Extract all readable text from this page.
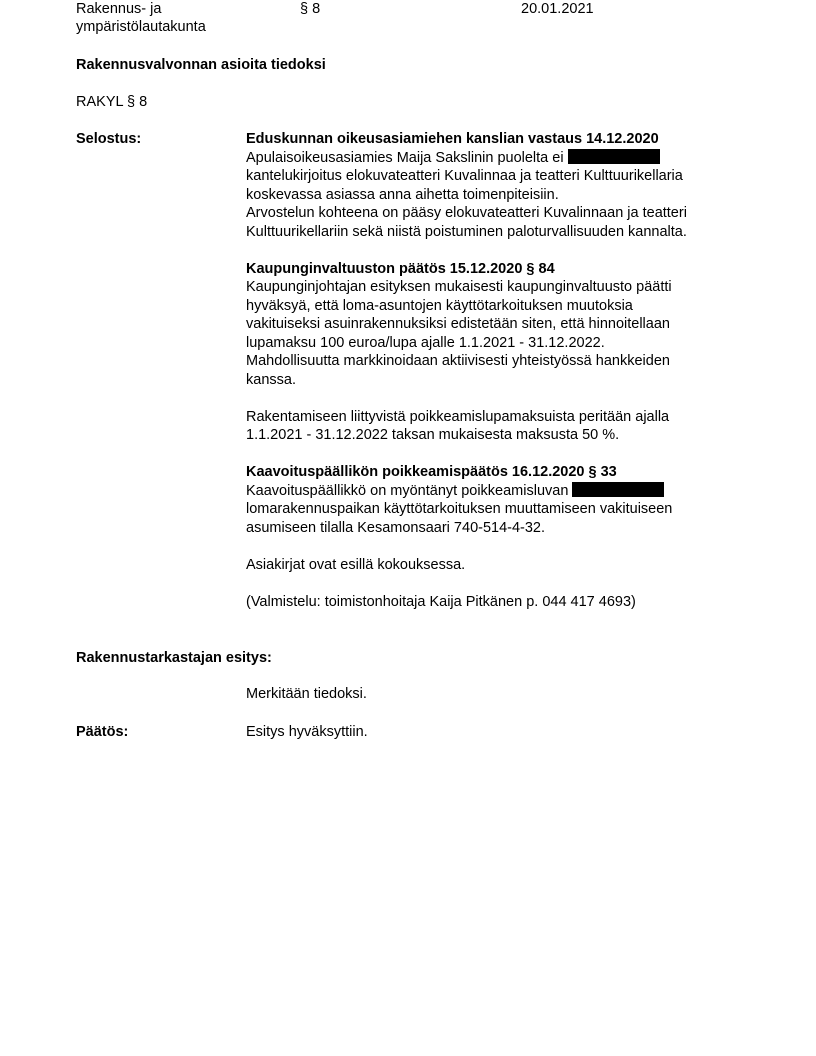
Rakennus- ja
ympäristölautakunta
§ 8	20.01.2021
Rakennusvalvonnan asioita tiedoksi
RAKYL § 8
Selostus:	Eduskunnan oikeusasiamiehen kanslian vastaus 14.12.2020
Apulaisoikeusasiamies Maija Sakslinin puolelta ei
kantelukirjoitus elokuvateatteri Kuvalinnaa ja teatteri Kulttuurikellaria
koskevassa asiassa anna aihetta toimenpiteisiin.
Arvostelun kohteena on pääsy elokuvateatteri Kuvalinnaan ja teatteri
Kulttuurikellariin sekä niistä poistuminen paloturvallisuuden kannalta.
Kaupunginvaltuuston päätös 15.12.2020 § 84
Kaupunginjohtajan esityksen mukaisesti kaupunginvaltuusto päätti
hyväksyä, että loma-asuntojen käyttötarkoituksen muutoksia
vakituiseksi asuinrakennuksiksi edistetään siten, että hinnoitellaan
lupamaksu 100 euroa/lupa ajalle 1.1.2021 - 31.12.2022.
Mahdollisuutta markkinoidaan aktiivisesti yhteistyössä hankkeiden
kanssa.
Rakentamiseen liittyvistä poikkeamislupamaksuista peritään ajalla
1.1.2021 - 31.12.2022 taksan mukaisesta maksusta 50 %.
Kaavoituspäällikön poikkeamispäätös 16.12.2020 § 33
Kaavoituspäällikkö on myöntänyt poikkeamisluvan
lomarakennuspaikan käyttötarkoituksen muuttamiseen vakituiseen
asumiseen tilalla Kesamonsaari 740-514-4-32.
Asiakirjat ovat esillä kokouksessa.
(Valmistelu: toimistonhoitaja Kaija Pitkänen p. 044 417 4693)
Rakennustarkastajan esitys:
Merkitään tiedoksi.
Päätös:	Esitys hyväksyttiin.
